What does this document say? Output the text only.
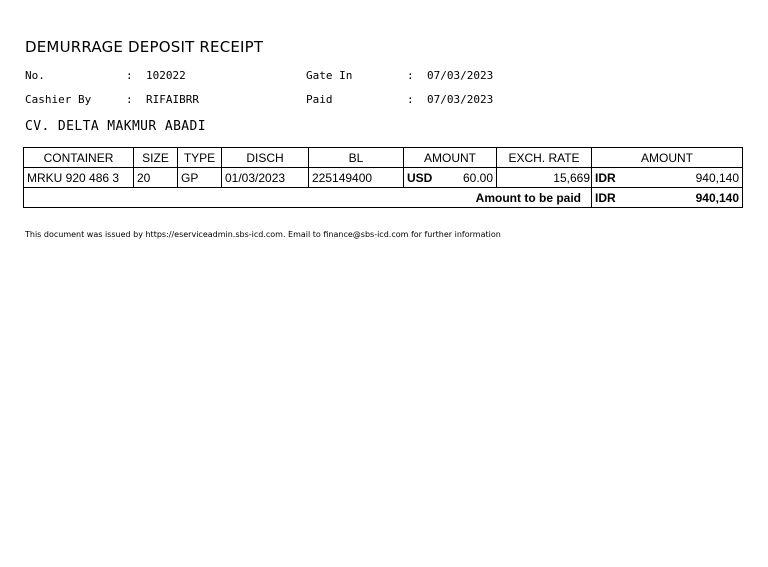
DEMURRAGE DEPOSIT RECEIPT
No.	: 102022	Gate In	: 07/03/2023
Cashier By	: RIFAIBRR	Paid	: 07/03/2023
CV. DELTA MAKMUR ABADI
CONTAINER	SIZE	TYPE	DISCH	BL	AMOUNT	EXCH. RATE	AMOUNT
MRKU 920 486 3	20	GP	01/03/2023	225149400	USD 60.00	15,669	IDR 940,140

Amount to be paid							IDR 940,140
This document was issued by https://eserviceadmin.sbs-icd.com. Email to finance@sbs-icd.com for further information
